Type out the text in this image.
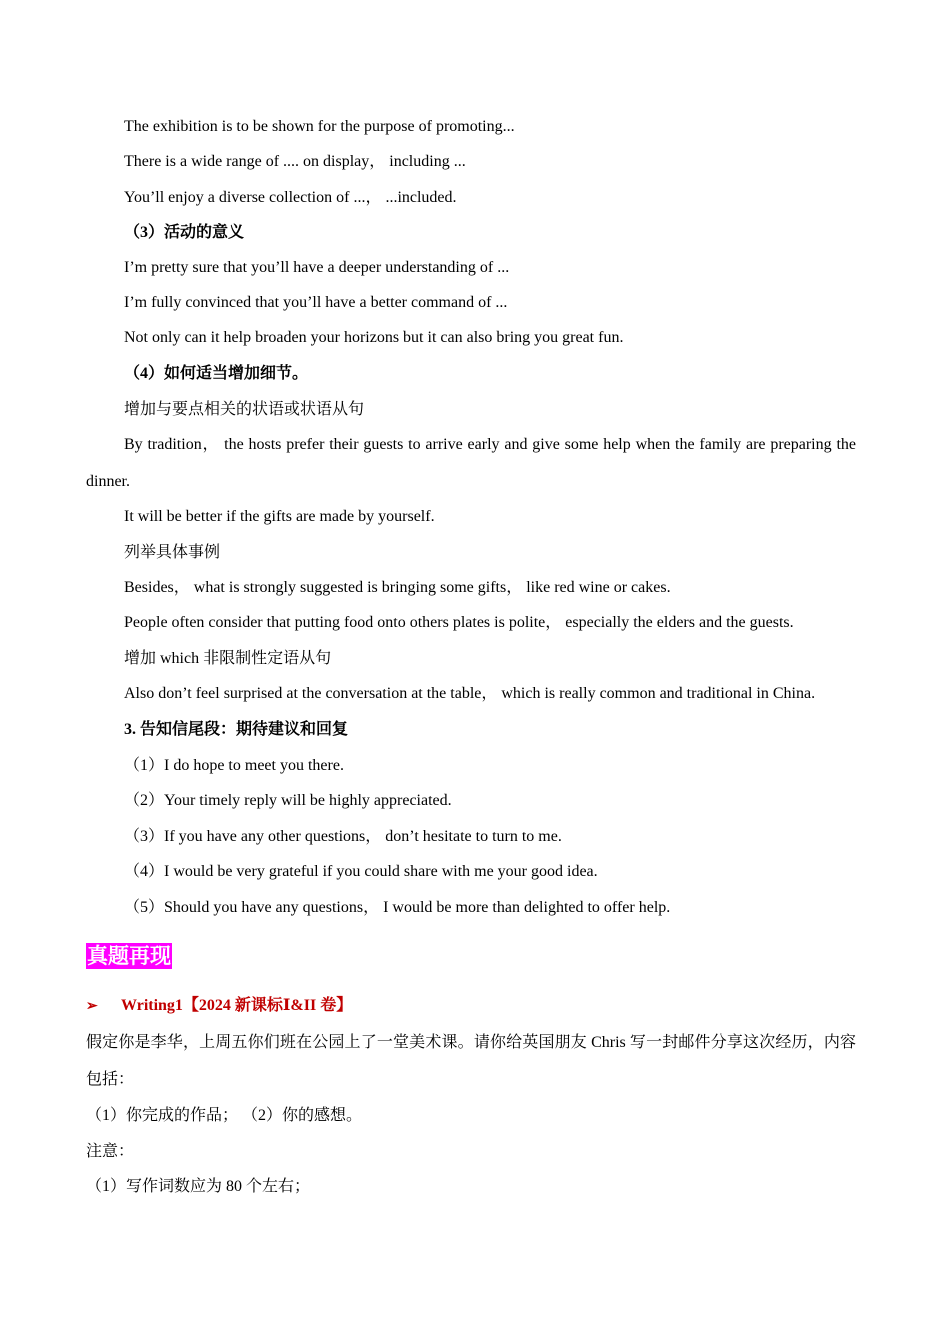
The exhibition is to be shown for the purpose of promoting...
There is a wide range of .... on display， including ...
You’ll enjoy a diverse collection of ...， ...included.
（3）活动的意义
I’m pretty sure that you’ll have a deeper understanding of ...
I’m fully convinced that you’ll have a better command of ...
Not only can it help broaden your horizons but it can also bring you great fun.
（4）如何适当增加细节。
增加与要点相关的状语或状语从句
By tradition， the hosts prefer their guests to arrive early and give some help when the family are preparing the dinner.
It will be better if the gifts are made by yourself.
列举具体事例
Besides， what is strongly suggested is bringing some gifts， like red wine or cakes.
People often consider that putting food onto others plates is polite， especially the elders and the guests.
增加 which 非限制性定语从句
Also don’t feel surprised at the conversation at the table， which is really common and traditional in China.
3. 告知信尾段：期待建议和回复
（1）I do hope to meet you there.
（2）Your timely reply will be highly appreciated.
（3）If you have any other questions， don’t hesitate to turn to me.
（4）I would be very grateful if you could share with me your good idea.
（5）Should you have any questions， I would be more than delighted to offer help.
真题再现
➢ Writing1【2024 新课标Ⅰ&II 卷】
假定你是李华，上周五你们班在公园上了一堂美术课。请你给英国朋友 Chris 写一封邮件分享这次经历，内容包括：
（1）你完成的作品； （2）你的感想。
注意：
（1）写作词数应为 80 个左右；
